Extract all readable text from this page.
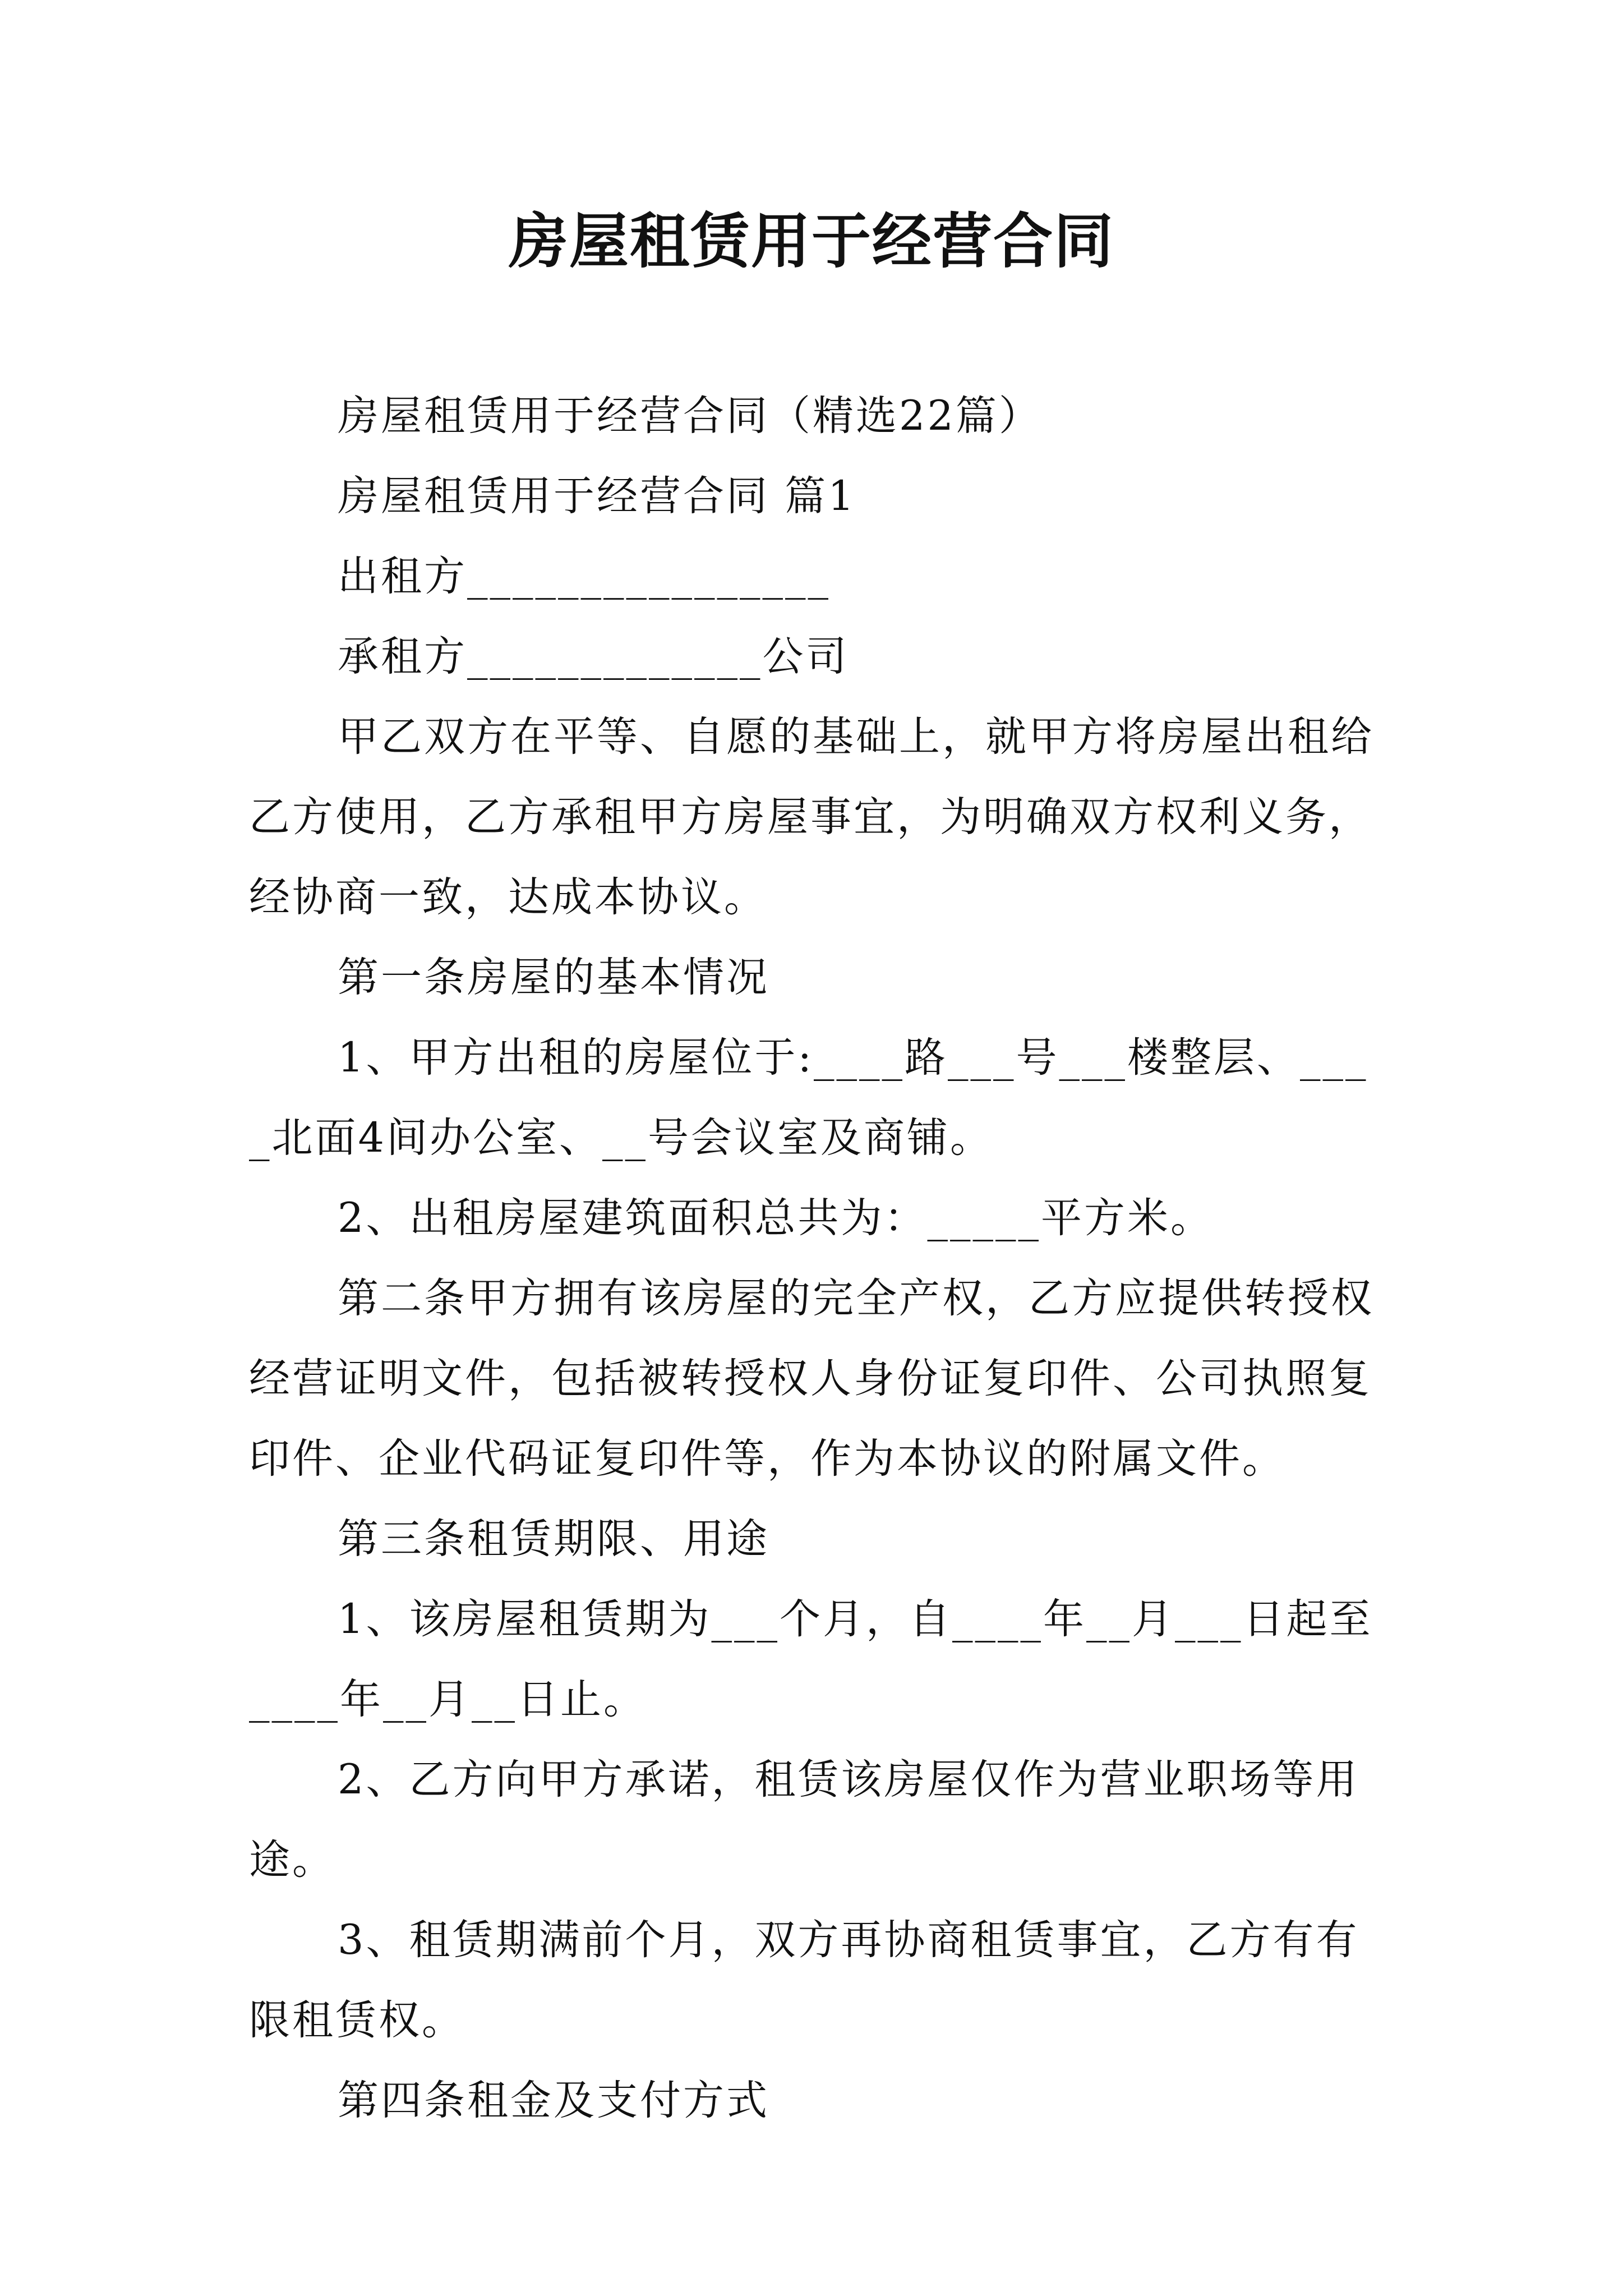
房屋租赁用于经营合同

房屋租赁用于经营合同（精选22篇）

房屋租赁用于经营合同 篇1

出租方________________

承租方_____________公司

甲乙双方在平等、自愿的基础上，就甲方将房屋出租给乙方使用，乙方承租甲方房屋事宜，为明确双方权利义务，经协商一致，达成本协议。

第一条房屋的基本情况

1、甲方出租的房屋位于:____路___号___楼整层、____北面4间办公室、__号会议室及商铺。

2、出租房屋建筑面积总共为：_____平方米。

第二条甲方拥有该房屋的完全产权，乙方应提供转授权经营证明文件，包括被转授权人身份证复印件、公司执照复印件、企业代码证复印件等，作为本协议的附属文件。

第三条租赁期限、用途

1、该房屋租赁期为___个月，自____年__月___日起至____年__月__日止。

2、乙方向甲方承诺，租赁该房屋仅作为营业职场等用途。

3、租赁期满前个月，双方再协商租赁事宜，乙方有有限租赁权。

第四条租金及支付方式
